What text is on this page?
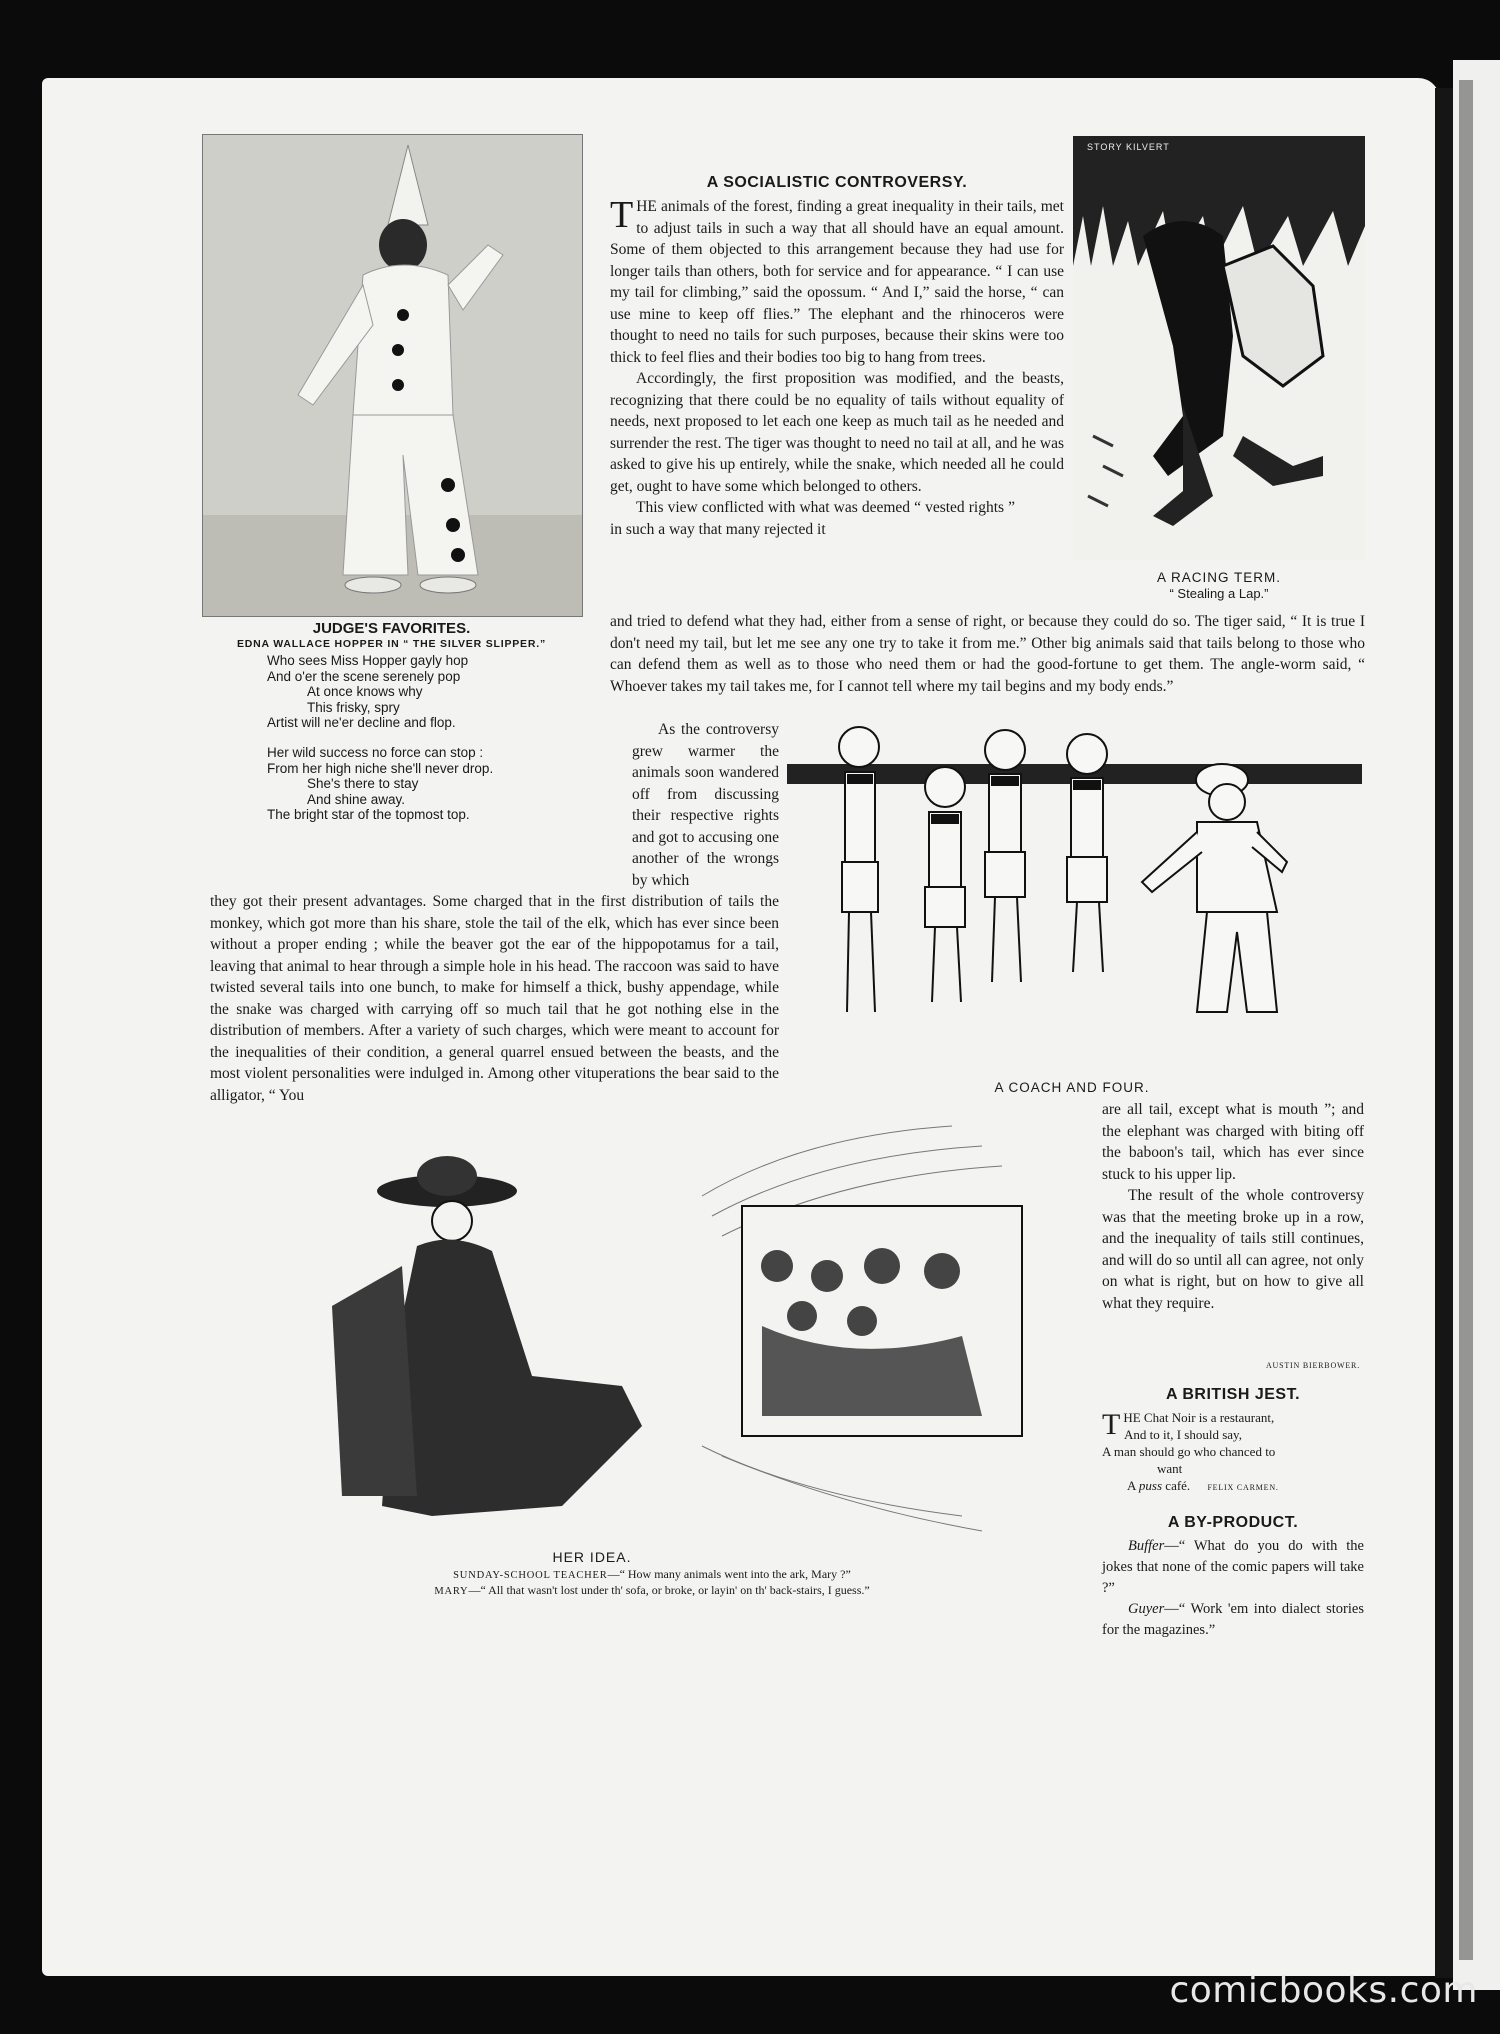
JUDGE'S FAVORITES.
EDNA WALLACE HOPPER IN “ THE SILVER SLIPPER.”
Who sees Miss Hopper gayly hop
And o'er the scene serenely pop
At once knows why
This frisky, spry
Artist will ne'er decline and flop.
Her wild success no force can stop :
From her high niche she'll never drop.
She's there to stay
And shine away.
The bright star of the topmost top.
A SOCIALISTIC CONTROVERSY.

THE animals of the forest, finding a great inequality in their tails, met to adjust tails in such a way that all should have an equal amount. Some of them objected to this arrangement because they had use for longer tails than others, both for service and for appearance. “ I can use my tail for climbing,” said the opossum. “ And I,” said the horse, “ can use mine to keep off flies.” The elephant and the rhinoceros were thought to need no tails for such purposes, because their skins were too thick to feel flies and their bodies too big to hang from trees.

Accordingly, the first proposition was modified, and the beasts, recognizing that there could be no equality of tails without equality of needs, next proposed to let each one keep as much tail as he needed and surrender the rest. The tiger was thought to need no tail at all, and he was asked to give his up entirely, while the snake, which needed all he could get, ought to have some which belonged to others.

This view conflicted with what was deemed “ vested rights ” in such a way that many rejected it

STORY KILVERT
A RACING TERM.
“ Stealing a Lap.”

and tried to defend what they had, either from a sense of right, or because they could do so. The tiger said, “ It is true I don't need my tail, but let me see any one try to take it from me.” Other big animals said that tails belong to those who can defend them as well as to those who need them or had the good-fortune to get them. The angle-worm said, “ Whoever takes my tail takes me, for I cannot tell where my tail begins and my body ends.”

As the controversy grew warmer the animals soon wandered off from discussing their respective rights and got to accusing one another of the wrongs by which

A COACH AND FOUR.

they got their present advantages. Some charged that in the first distribution of tails the monkey, which got more than his share, stole the tail of the elk, which has ever since been without a proper ending ; while the beaver got the ear of the hippopotamus for a tail, leaving that animal to hear through a simple hole in his head. The raccoon was said to have twisted several tails into one bunch, to make for himself a thick, bushy appendage, while the snake was charged with carrying off so much tail that he got nothing else in the distribution of members. After a variety of such charges, which were meant to account for the inequalities of their condition, a general quarrel ensued between the beasts, and the most violent personalities were indulged in. Among other vituperations the bear said to the alligator, “ You

HER IDEA.
SUNDAY-SCHOOL TEACHER—“ How many animals went into the ark, Mary ?”
MARY—“ All that wasn't lost under th' sofa, or broke, or layin' on th' back-stairs, I guess.”

are all tail, except what is mouth ”; and the elephant was charged with biting off the baboon's tail, which has ever since stuck to his upper lip.

The result of the whole controversy was that the meeting broke up in a row, and the inequality of tails still continues, and will do so until all can agree, not only on what is right, but on how to give all what they require.

AUSTIN BIERBOWER.
A BRITISH JEST.
THE Chat Noir is a restaurant,
And to it, I should say,
A man should go who chanced to
want
A puss café. FELIX CARMEN.
A BY-PRODUCT.

Buffer—“ What do you do with the jokes that none of the comic papers will take ?”

Guyer—“ Work 'em into dialect stories for the magazines.”

comicbooks.com
